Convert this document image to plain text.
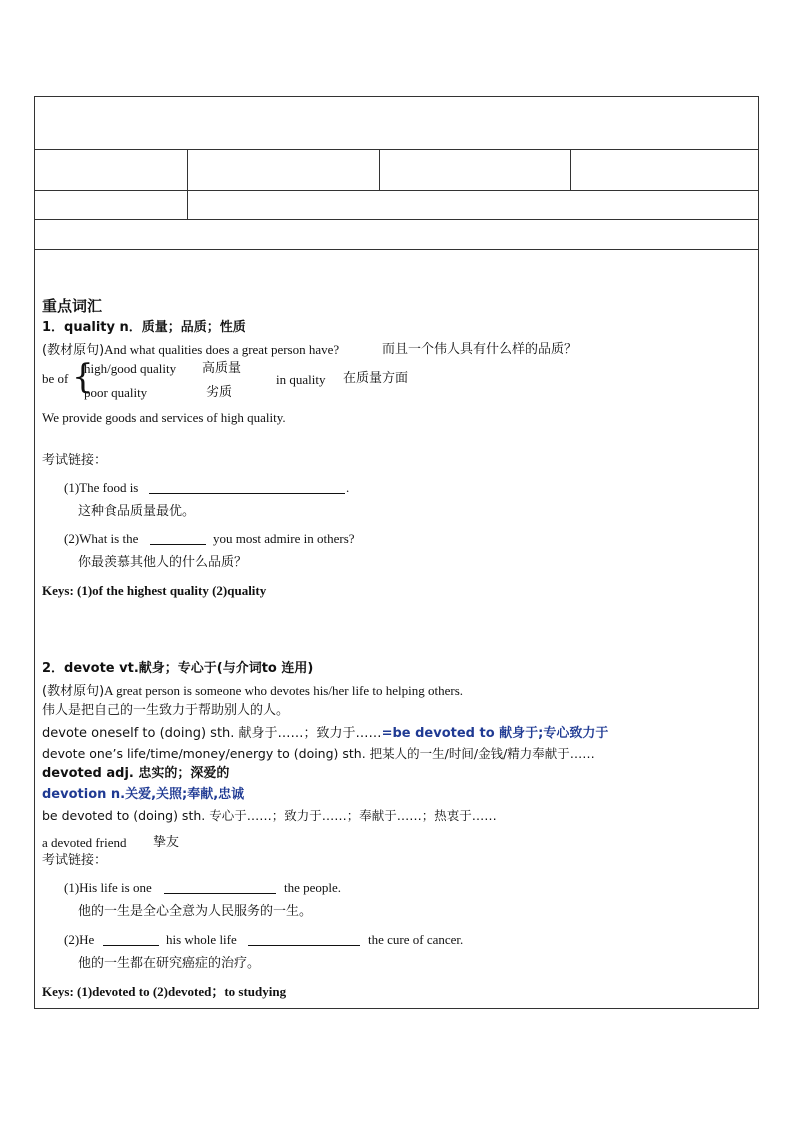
重点词汇
1．quality n．质量；品质；性质
(教材原句)And what qualities does a great person have?	而且一个伟人具有什么样的品质？
be of {
high/good quality 高质量
poor quality	劣质
in quality 在质量方面
We provide goods and services of high quality.
考试链接：
(1)The food is	.
这种食品质量最优。
(2)What is the	you most admire in others?
你最羡慕其他人的什么品质？
Keys: (1)of the highest quality (2)quality
2．devote vt.献身；专心于(与介词to 连用)
(教材原句)A great person is someone who devotes his/her life to helping others.
伟人是把自己的一生致力于帮助别人的人。
devote oneself to (doing) sth. 献身于……；致力于……=be devoted to 献身于;专心致力于
devote one’s life/time/money/energy to (doing) sth. 把某人的一生/时间/金钱/精力奉献于……
devoted adj. 忠实的；深爱的
devotion n.关爱,关照;奉献,忠诚
be devoted to (doing) sth. 专心于……；致力于……；奉献于……；热衷于……
a devoted friend 挚友
考试链接：
(1)His life is one	the people.
他的一生是全心全意为人民服务的一生。
(2)He	his whole life	the cure of cancer.
他的一生都在研究癌症的治疗。
Keys: (1)devoted to (2)devoted；to studying
